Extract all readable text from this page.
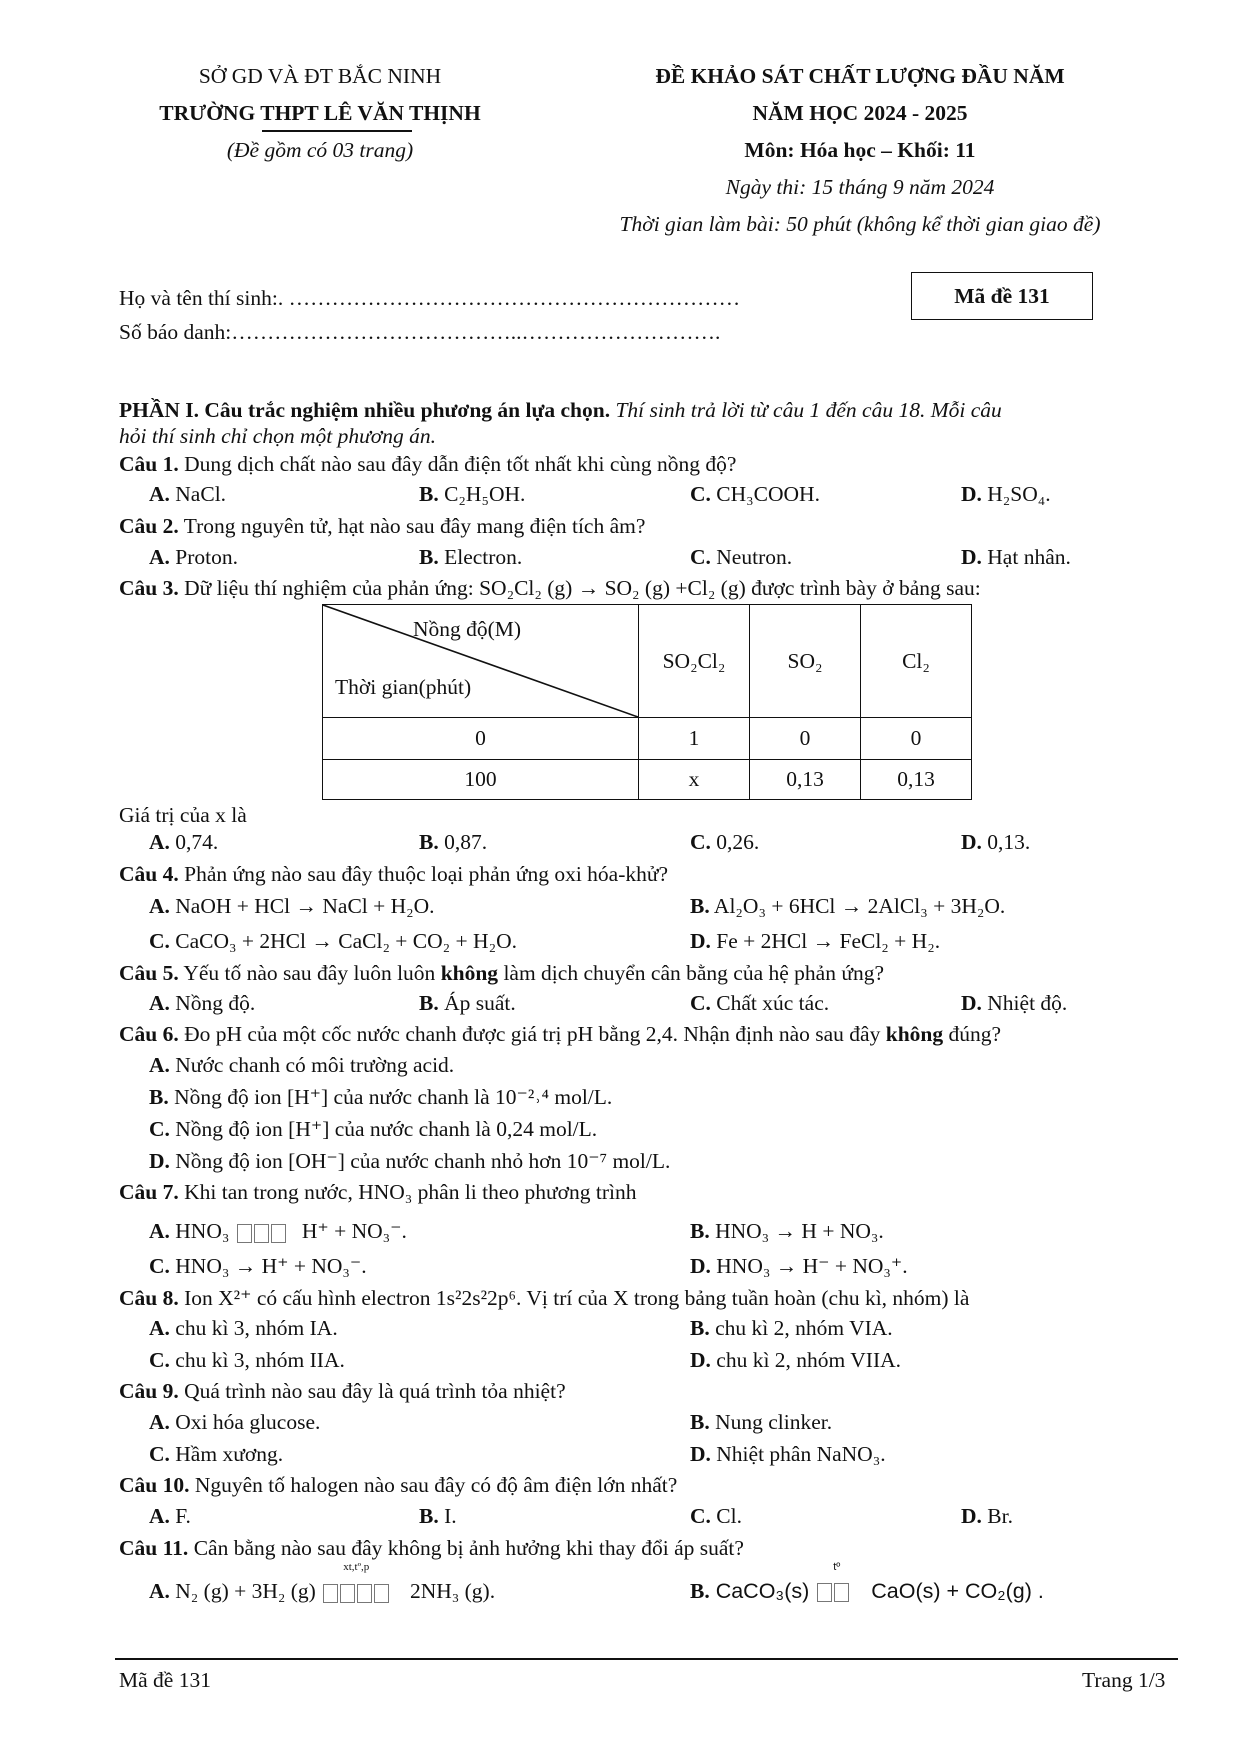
SỞ GD VÀ ĐT BẮC NINH
TRƯỜNG THPT LÊ VĂN THỊNH
(Đề gồm có 03 trang)
ĐỀ KHẢO SÁT CHẤT LƯỢNG ĐẦU NĂM
NĂM HỌC 2024 - 2025
Môn: Hóa học – Khối: 11
Ngày thi: 15 tháng 9 năm 2024
Thời gian làm bài: 50 phút (không kể thời gian giao đề)
Họ và tên thí sinh:. ………………………………………………………
Số báo danh:…………………………………..……………………….
Mã đề 131
PHẦN I. Câu trắc nghiệm nhiều phương án lựa chọn. Thí sinh trả lời từ câu 1 đến câu 18. Mỗi câu
hỏi thí sinh chỉ chọn một phương án.
Câu 1. Dung dịch chất nào sau đây dẫn điện tốt nhất khi cùng nồng độ?
A. NaCl.	B. C₂H₅OH.	C. CH₃COOH.	D. H₂SO₄.
Câu 2. Trong nguyên tử, hạt nào sau đây mang điện tích âm?
A. Proton.	B. Electron.	C. Neutron.	D. Hạt nhân.
Câu 3. Dữ liệu thí nghiệm của phản ứng: SO₂Cl₂ (g) → SO₂ (g) +Cl₂ (g) được trình bày ở bảng sau:
Nồng độ(M)
Thời gian(phút)	SO₂Cl₂	SO₂	Cl₂
0	1	0	0
100	x	0,13	0,13
Giá trị của x là
A. 0,74.	B. 0,87.	C. 0,26.	D. 0,13.
Câu 4. Phản ứng nào sau đây thuộc loại phản ứng oxi hóa-khử?
A. NaOH + HCl → NaCl + H₂O.	B. Al₂O₃ + 6HCl → 2AlCl₃ + 3H₂O.
C. CaCO₃ + 2HCl → CaCl₂ + CO₂ + H₂O.	D. Fe + 2HCl → FeCl₂ + H₂.
Câu 5. Yếu tố nào sau đây luôn luôn không làm dịch chuyển cân bằng của hệ phản ứng?
A. Nồng độ.	B. Áp suất.	C. Chất xúc tác.	D. Nhiệt độ.
Câu 6. Đo pH của một cốc nước chanh được giá trị pH bằng 2,4. Nhận định nào sau đây không đúng?
A. Nước chanh có môi trường acid.
B. Nồng độ ion [H⁺] của nước chanh là 10⁻²˒⁴ mol/L.
C. Nồng độ ion [H⁺] của nước chanh là 0,24 mol/L.
D. Nồng độ ion [OH⁻] của nước chanh nhỏ hơn 10⁻⁷ mol/L.
Câu 7. Khi tan trong nước, HNO₃ phân li theo phương trình
A. HNO₃	H⁺ + NO₃⁻.	B. HNO₃ → H + NO₃.
C. HNO₃ → H⁺ + NO₃⁻.	D. HNO₃ → H⁻ + NO₃⁺.
Câu 8. Ion X²⁺ có cấu hình electron 1s²2s²2p⁶. Vị trí của X trong bảng tuần hoàn (chu kì, nhóm) là
A. chu kì 3, nhóm IA.	B. chu kì 2, nhóm VIA.
C. chu kì 3, nhóm IIA.	D. chu kì 2, nhóm VIIA.
Câu 9. Quá trình nào sau đây là quá trình tỏa nhiệt?
A. Oxi hóa glucose.	B. Nung clinker.
C. Hầm xương.	D. Nhiệt phân NaNO₃.
Câu 10. Nguyên tố halogen nào sau đây có độ âm điện lớn nhất?
A. F.	B. I.	C. Cl.	D. Br.
Câu 11. Cân bằng nào sau đây không bị ảnh hưởng khi thay đổi áp suất?
A. N₂ (g) + 3H₂ (g)
xt,tº,p
2NH₃ (g).	B. CaCO₃(s)
tº
CaO(s) + CO₂(g) .
Mã đề 131	Trang 1/3
